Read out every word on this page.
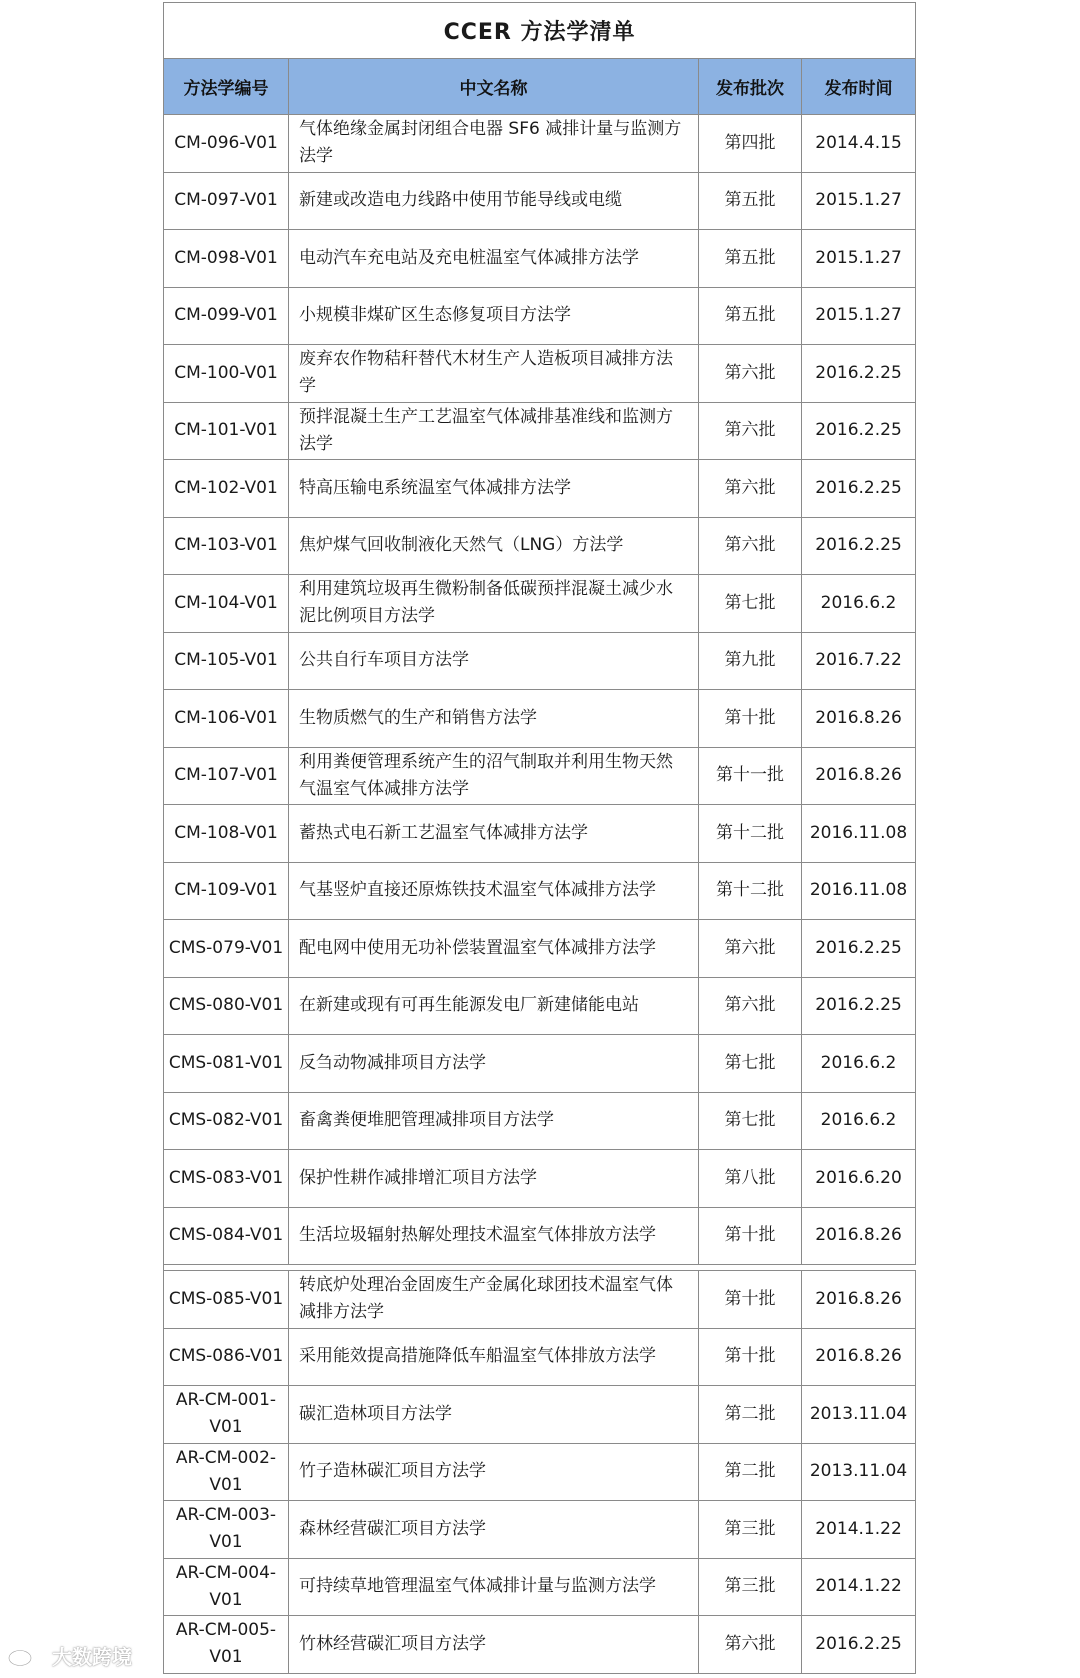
CCER 方法学清单			
方法学编号	中文名称	发布批次	发布时间
CM-096-V01	气体绝缘金属封闭组合电器 SF6 减排计量与监测方法学	第四批	2014.4.15
CM-097-V01	新建或改造电力线路中使用节能导线或电缆	第五批	2015.1.27
CM-098-V01	电动汽车充电站及充电桩温室气体减排方法学	第五批	2015.1.27
CM-099-V01	小规模非煤矿区生态修复项目方法学	第五批	2015.1.27
CM-100-V01	废弃农作物秸秆替代木材生产人造板项目减排方法学	第六批	2016.2.25
CM-101-V01	预拌混凝土生产工艺温室气体减排基准线和监测方法学	第六批	2016.2.25
CM-102-V01	特高压输电系统温室气体减排方法学	第六批	2016.2.25
CM-103-V01	焦炉煤气回收制液化天然气（LNG）方法学	第六批	2016.2.25
CM-104-V01	利用建筑垃圾再生微粉制备低碳预拌混凝土减少水泥比例项目方法学	第七批	2016.6.2
CM-105-V01	公共自行车项目方法学	第九批	2016.7.22
CM-106-V01	生物质燃气的生产和销售方法学	第十批	2016.8.26
CM-107-V01	利用粪便管理系统产生的沼气制取并利用生物天然气温室气体减排方法学	第十一批	2016.8.26
CM-108-V01	蓄热式电石新工艺温室气体减排方法学	第十二批	2016.11.08
CM-109-V01	气基竖炉直接还原炼铁技术温室气体减排方法学	第十二批	2016.11.08
CMS-079-V01	配电网中使用无功补偿装置温室气体减排方法学	第六批	2016.2.25
CMS-080-V01	在新建或现有可再生能源发电厂新建储能电站	第六批	2016.2.25
CMS-081-V01	反刍动物减排项目方法学	第七批	2016.6.2
CMS-082-V01	畜禽粪便堆肥管理减排项目方法学	第七批	2016.6.2
CMS-083-V01	保护性耕作减排增汇项目方法学	第八批	2016.6.20
CMS-084-V01	生活垃圾辐射热解处理技术温室气体排放方法学	第十批	2016.8.26

CMS-085-V01	转底炉处理冶金固废生产金属化球团技术温室气体减排方法学	第十批	2016.8.26
CMS-086-V01	采用能效提高措施降低车船温室气体排放方法学	第十批	2016.8.26
AR-CM-001-V01	碳汇造林项目方法学	第二批	2013.11.04
AR-CM-002-V01	竹子造林碳汇项目方法学	第二批	2013.11.04
AR-CM-003-V01	森林经营碳汇项目方法学	第三批	2014.1.22
AR-CM-004-V01	可持续草地管理温室气体减排计量与监测方法学	第三批	2014.1.22
AR-CM-005-V01	竹林经营碳汇项目方法学	第六批	2016.2.25
大数跨境
